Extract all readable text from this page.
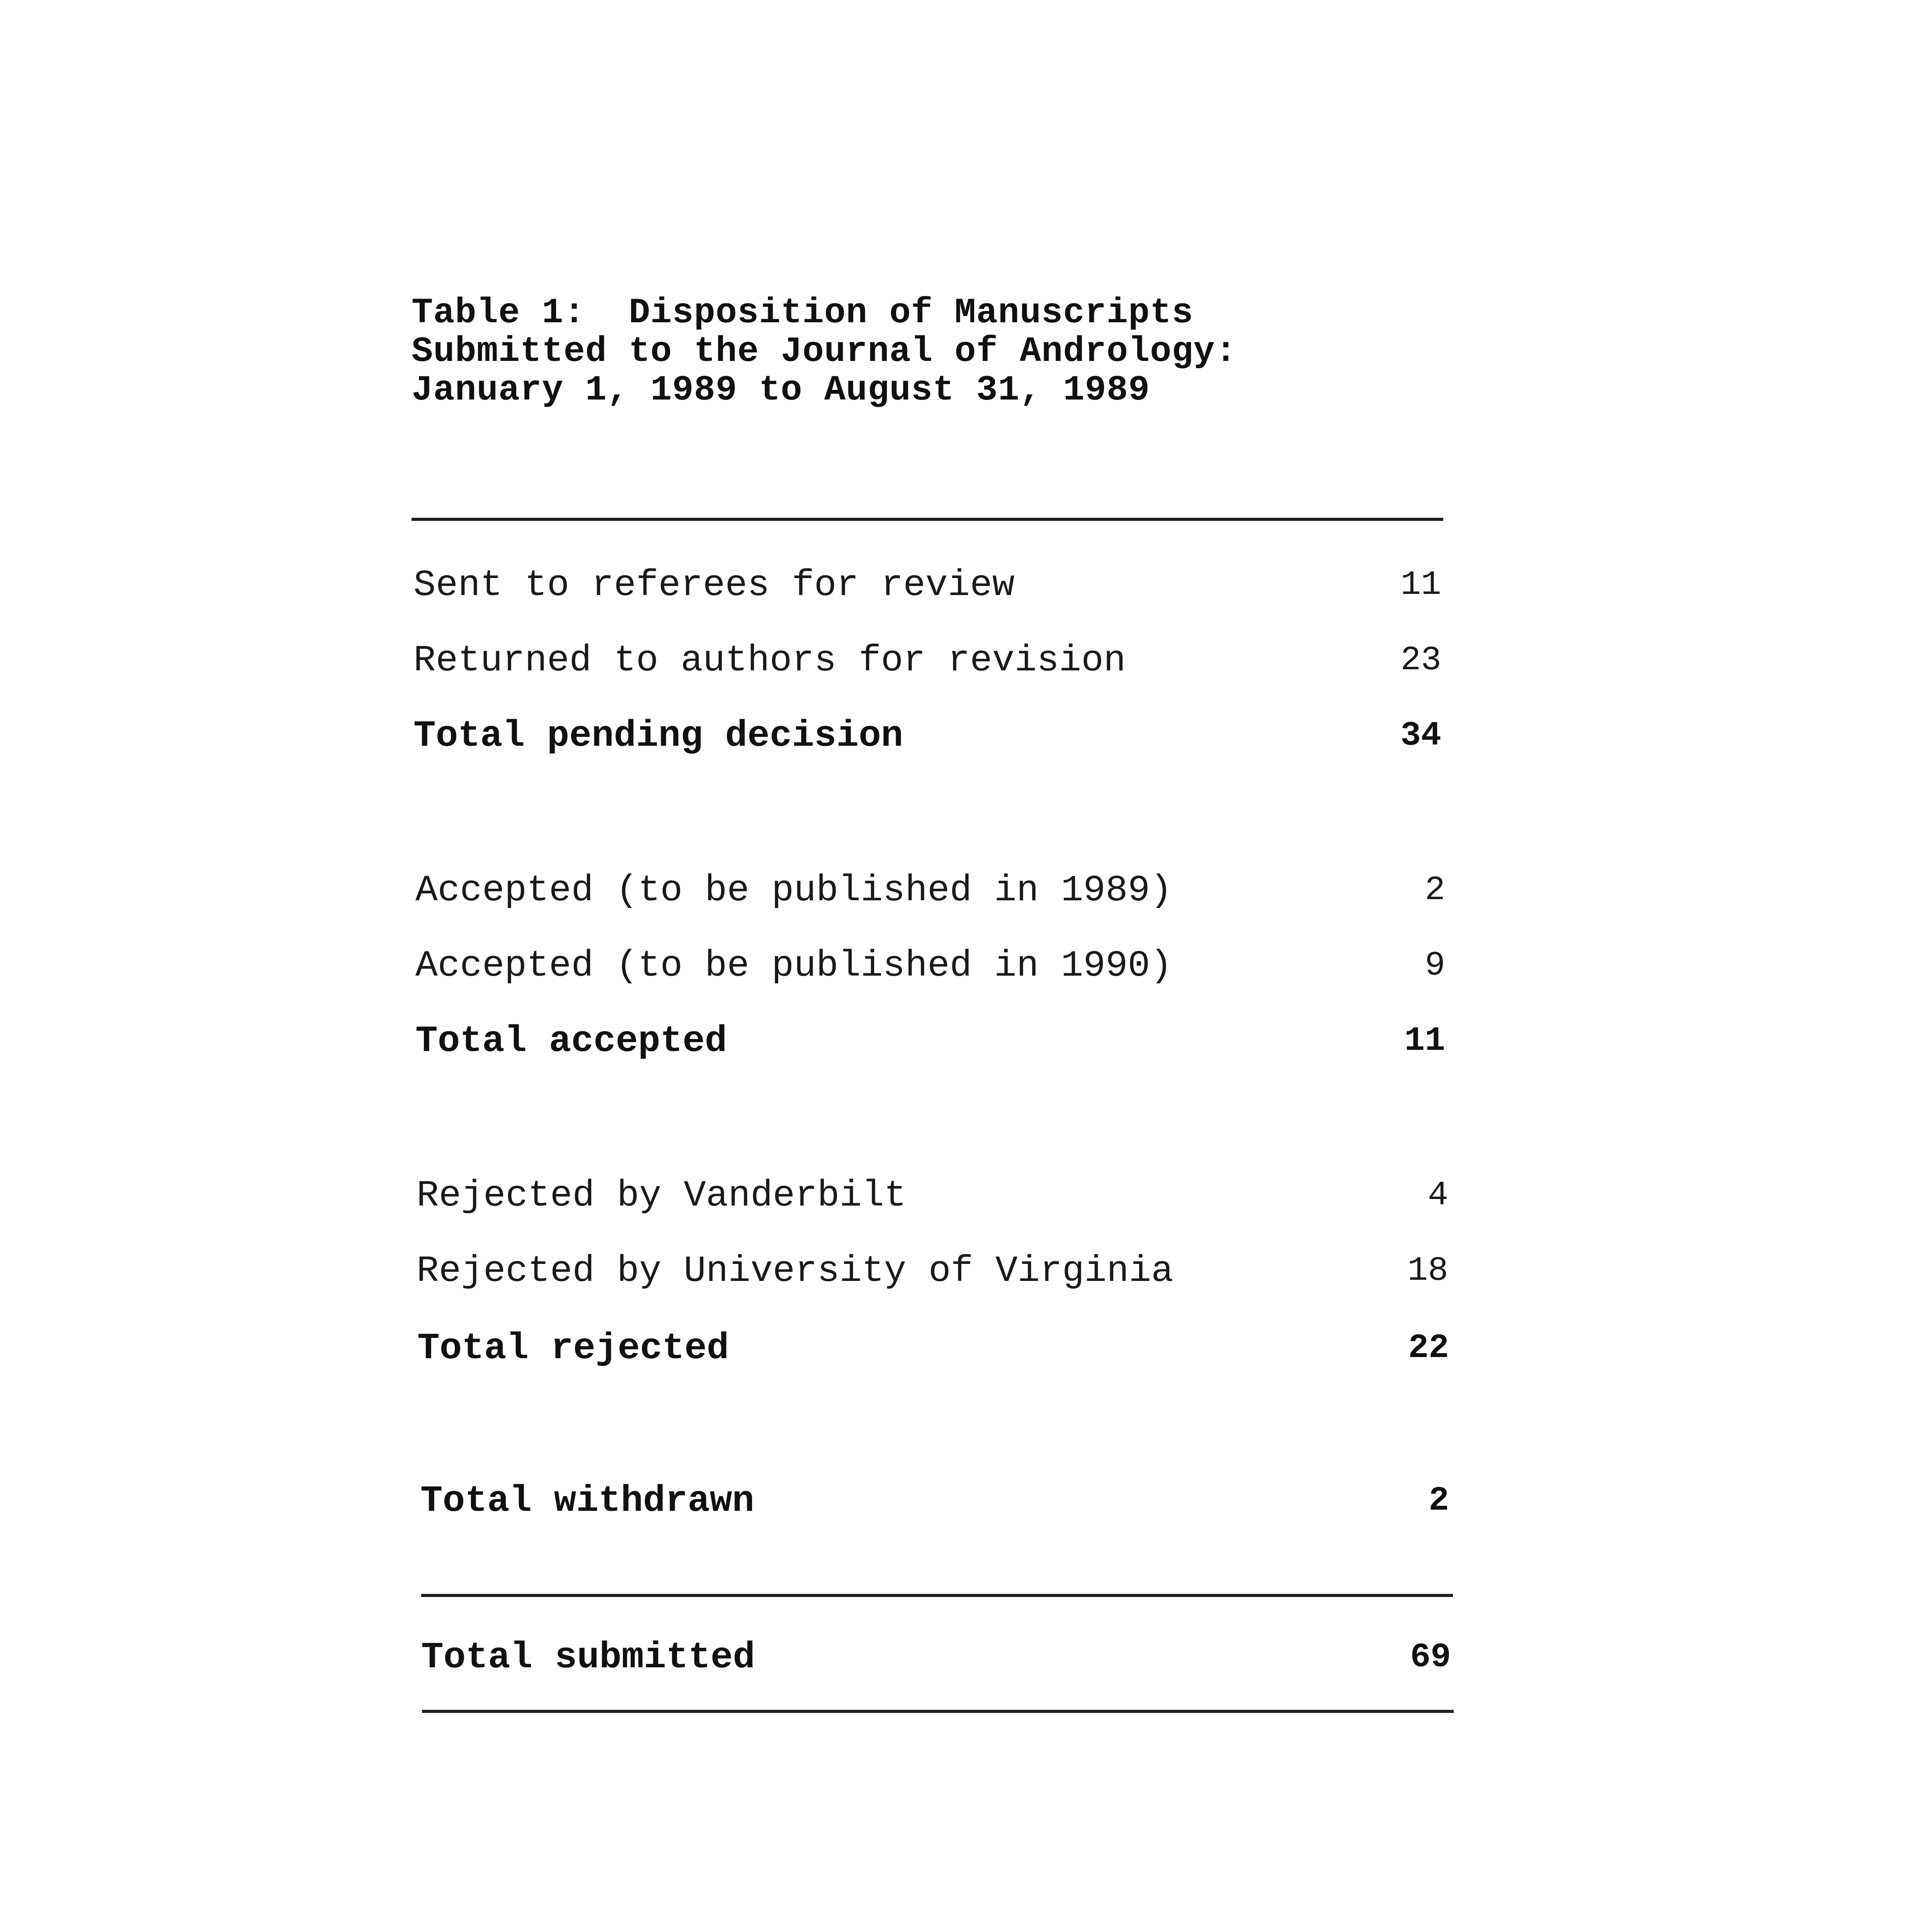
Table 1:  Disposition of Manuscripts
Submitted to the Journal of Andrology:
January 1, 1989 to August 31, 1989
Sent to referees for review	11
Returned to authors for revision	23
Total pending decision	34
Accepted (to be published in 1989)	2
Accepted (to be published in 1990)	9
Total accepted	11
Rejected by Vanderbilt	4
Rejected by University of Virginia	18
Total rejected	22
Total withdrawn	2
Total submitted	69
